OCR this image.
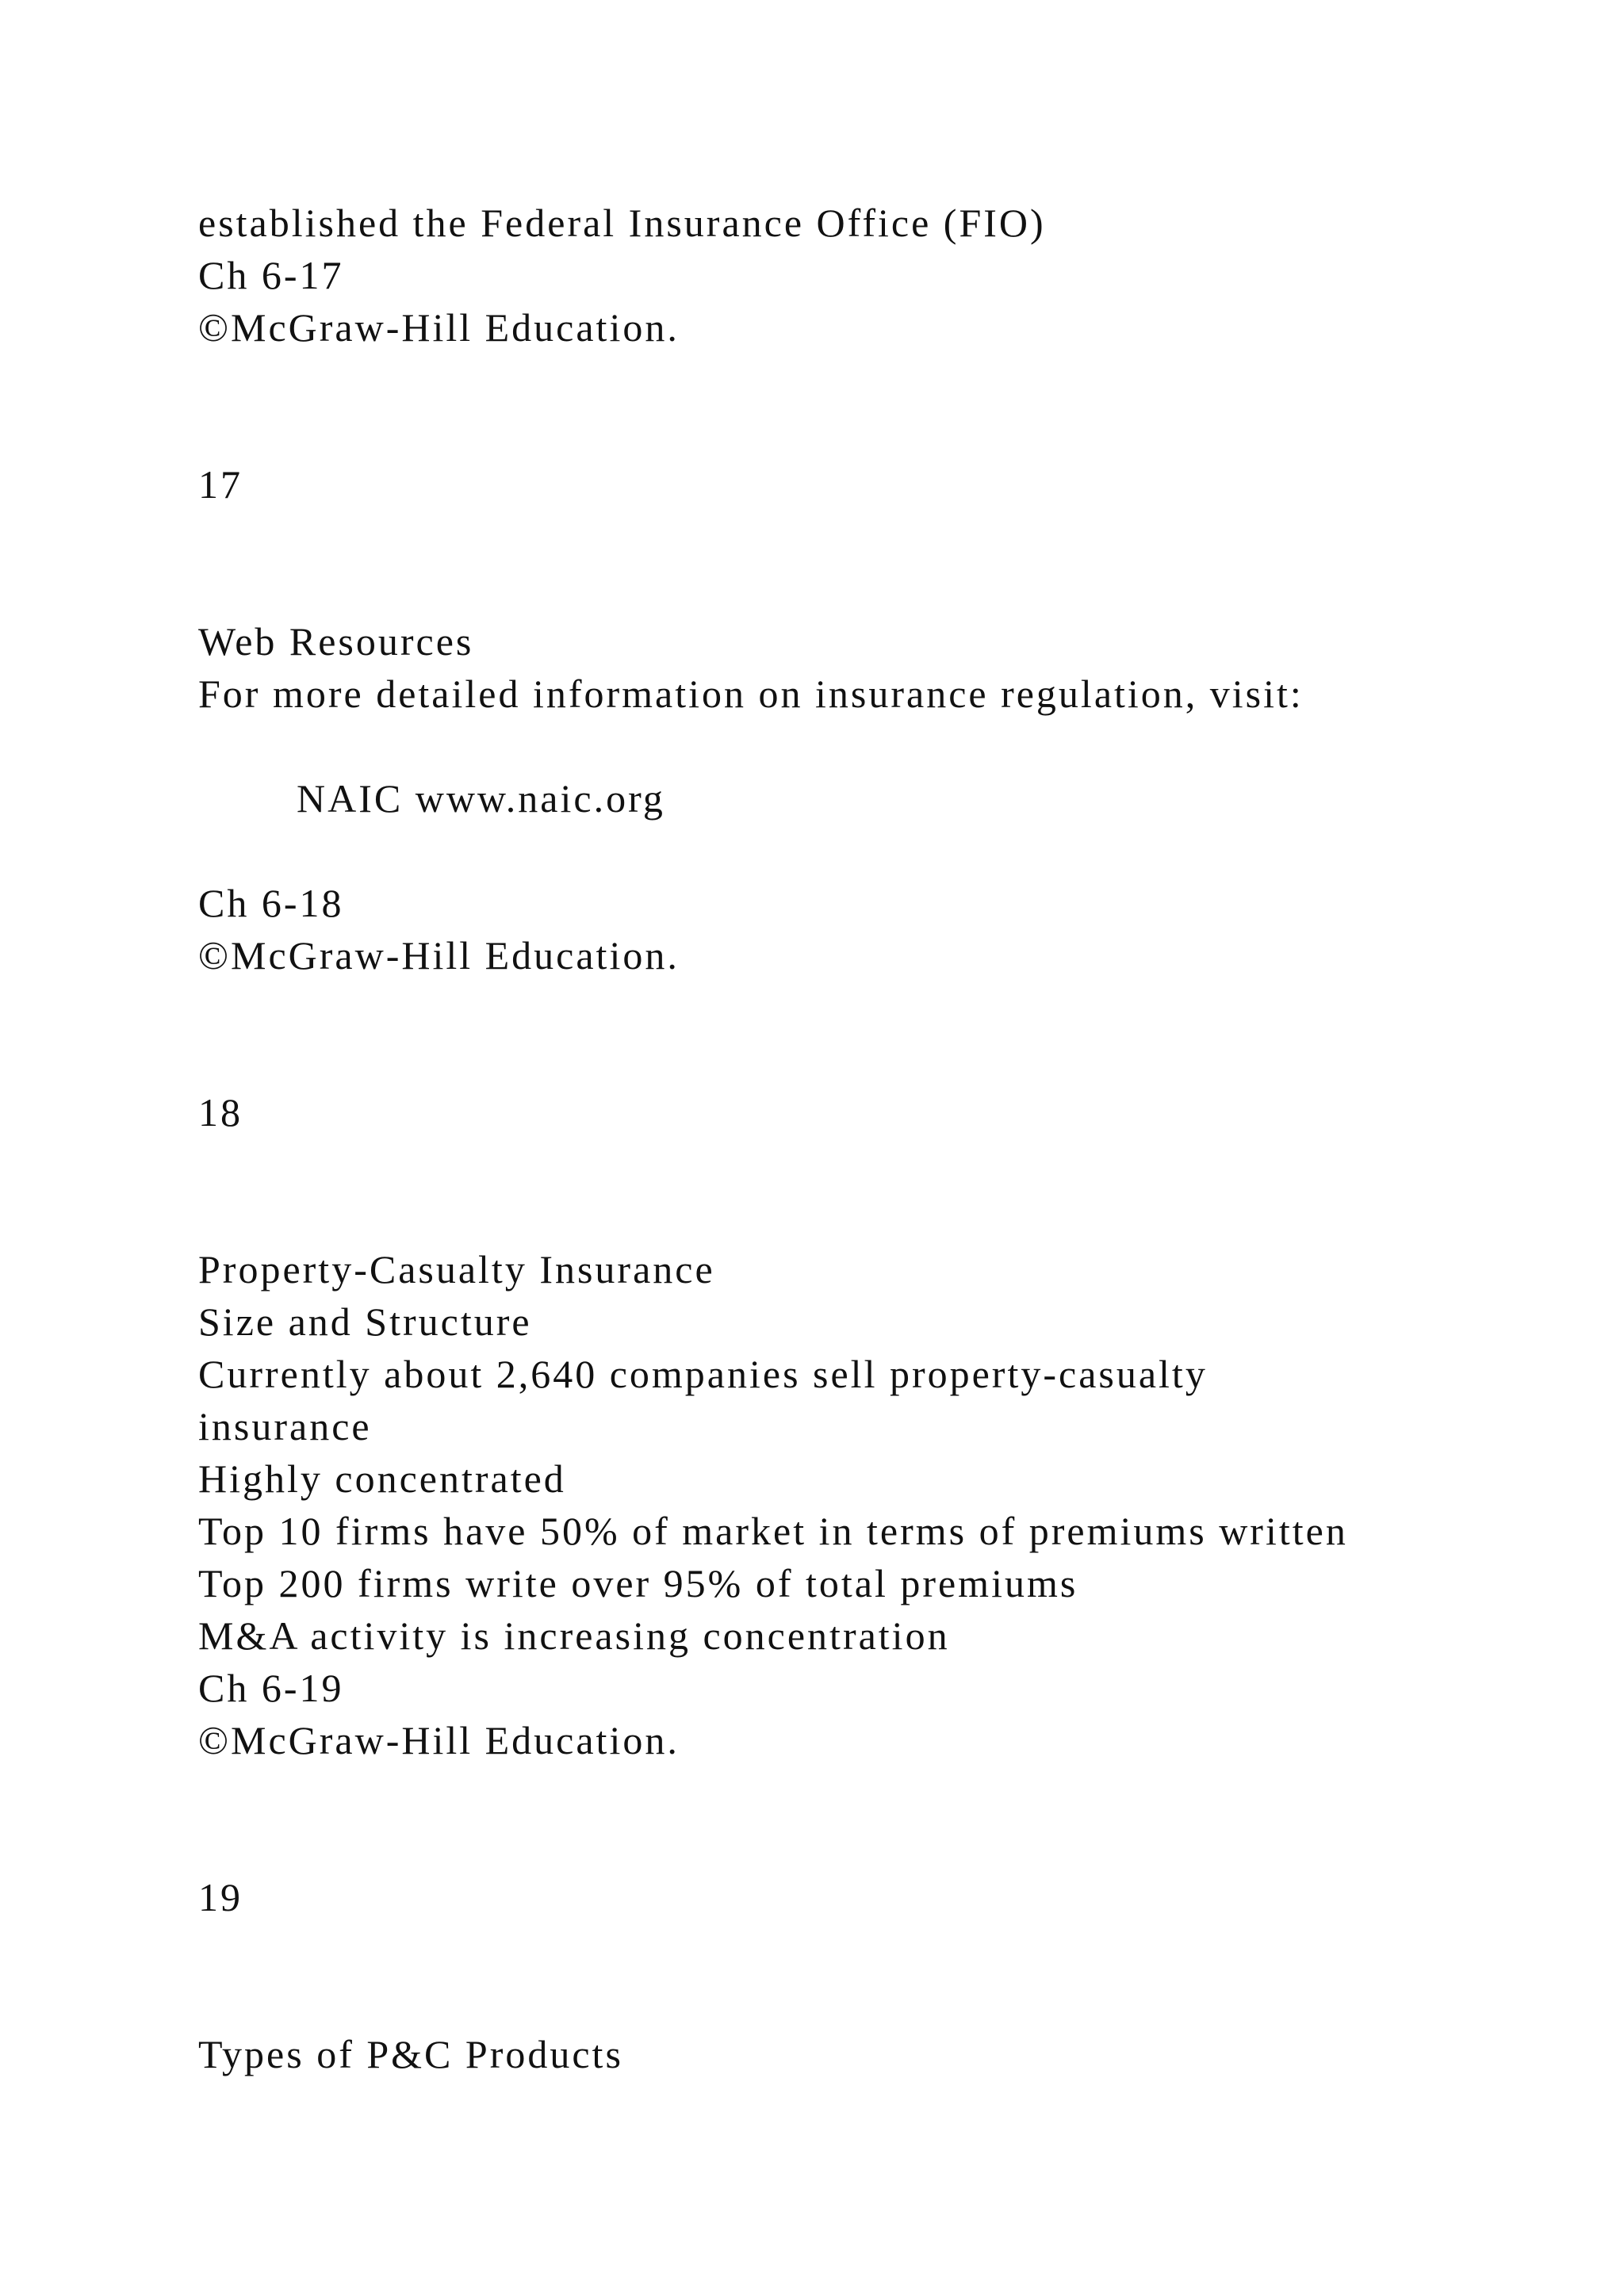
established the Federal Insurance Office (FIO)
Ch 6-17
©McGraw-Hill Education.
17
Web Resources
For more detailed information on insurance regulation, visit:
NAIC www.naic.org
Ch 6-18
©McGraw-Hill Education.
18
Property-Casualty Insurance
Size and Structure
Currently about 2,640 companies sell property-casualty
insurance
Highly concentrated
Top 10 firms have 50% of market in terms of premiums written
Top 200 firms write over 95% of total premiums
M&A activity is increasing concentration
Ch 6-19
©McGraw-Hill Education.
19
Types of P&C Products
